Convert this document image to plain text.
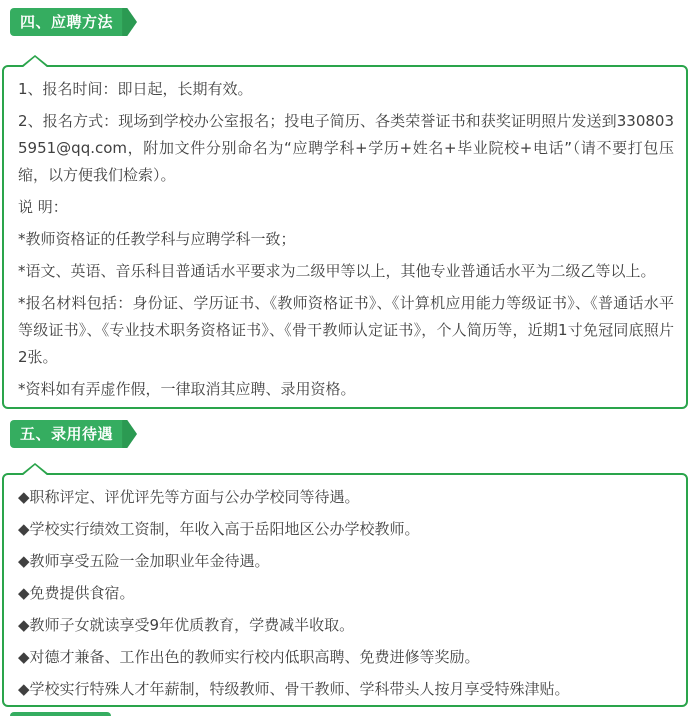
四、应聘方法

1、报名时间：即日起，长期有效。

2、报名方式：现场到学校办公室报名；投电子简历、各类荣誉证书和获奖证明照片发送到3308035951@qq.com，附加文件分别命名为“应聘学科+学历+姓名+毕业院校+电话”（请不要打包压缩，以方便我们检索）。

说 明：

*教师资格证的任教学科与应聘学科一致；

*语文、英语、音乐科目普通话水平要求为二级甲等以上，其他专业普通话水平为二级乙等以上。

*报名材料包括：身份证、学历证书、《教师资格证书》、《计算机应用能力等级证书》、《普通话水平等级证书》、《专业技术职务资格证书》、《骨干教师认定证书》，个人简历等，近期1寸免冠同底照片2张。

*资料如有弄虚作假，一律取消其应聘、录用资格。

五、录用待遇

◆职称评定、评优评先等方面与公办学校同等待遇。

◆学校实行绩效工资制，年收入高于岳阳地区公办学校教师。

◆教师享受五险一金加职业年金待遇。

◆免费提供食宿。

◆教师子女就读享受9年优质教育，学费减半收取。

◆对德才兼备、工作出色的教师实行校内低职高聘、免费进修等奖励。

◆学校实行特殊人才年薪制，特级教师、骨干教师、学科带头人按月享受特殊津贴。
